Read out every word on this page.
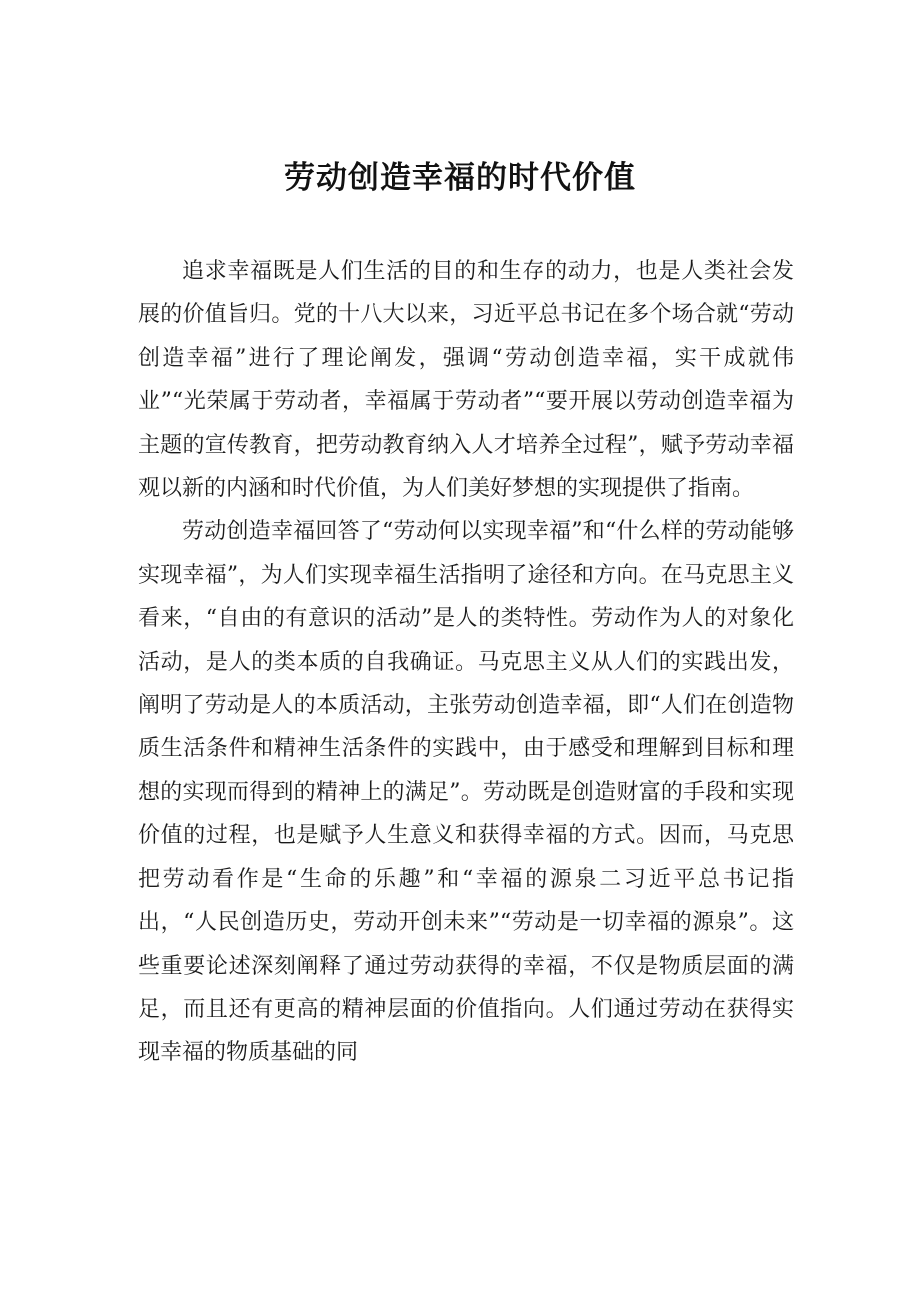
劳动创造幸福的时代价值

追求幸福既是人们生活的目的和生存的动力，也是人类社会发展的价值旨归。党的十八大以来，习近平总书记在多个场合就“劳动创造幸福”进行了理论阐发，强调“劳动创造幸福，实干成就伟业”“光荣属于劳动者，幸福属于劳动者”“要开展以劳动创造幸福为主题的宣传教育，把劳动教育纳入人才培养全过程”，赋予劳动幸福观以新的内涵和时代价值，为人们美好梦想的实现提供了指南。

劳动创造幸福回答了“劳动何以实现幸福”和“什么样的劳动能够实现幸福”，为人们实现幸福生活指明了途径和方向。在马克思主义看来，“自由的有意识的活动”是人的类特性。劳动作为人的对象化活动，是人的类本质的自我确证。马克思主义从人们的实践出发，阐明了劳动是人的本质活动，主张劳动创造幸福，即“人们在创造物质生活条件和精神生活条件的实践中，由于感受和理解到目标和理想的实现而得到的精神上的满足”。劳动既是创造财富的手段和实现价值的过程，也是赋予人生意义和获得幸福的方式。因而，马克思把劳动看作是“生命的乐趣”和“幸福的源泉二习近平总书记指出，“人民创造历史，劳动开创未来”“劳动是一切幸福的源泉”。这些重要论述深刻阐释了通过劳动获得的幸福，不仅是物质层面的满足，而且还有更高的精神层面的价值指向。人们通过劳动在获得实现幸福的物质基础的同
